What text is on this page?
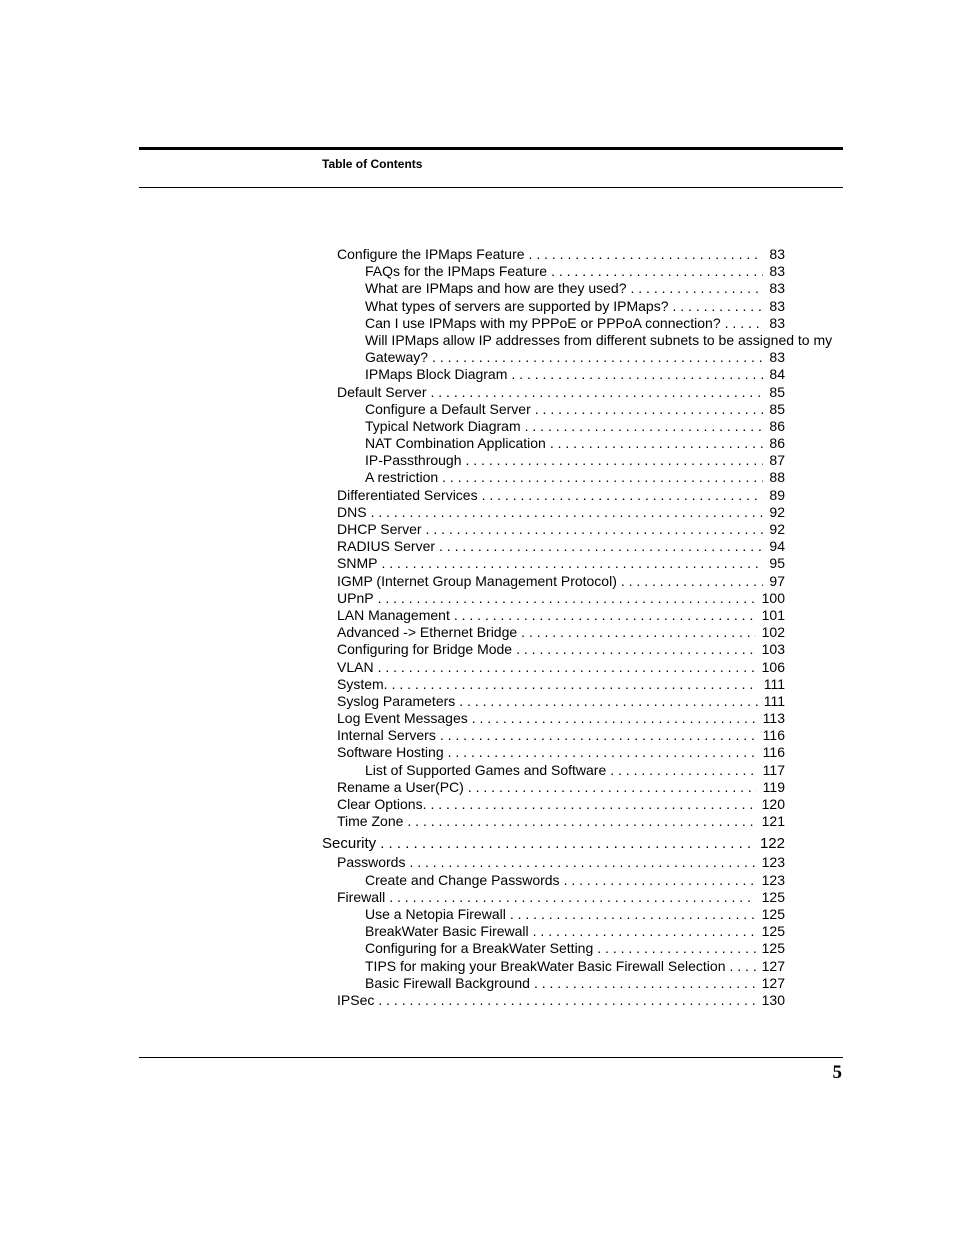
Table of Contents
Configure the IPMaps Feature . . .	83
FAQs for the IPMaps Feature . . .	83
What are IPMaps and how are they used? . . .	83
What types of servers are supported by IPMaps? . . .	83
Can I use IPMaps with my PPPoE or PPPoA connection? . . .	83
Will IPMaps allow IP addresses from different subnets to be assigned to my
Gateway? . . .	83
IPMaps Block Diagram . . .	84
Default Server . . .	85
Configure a Default Server . . .	85
Typical Network Diagram . . .	86
NAT Combination Application . . .	86
IP-Passthrough . . .	87
A restriction . . .	88
Differentiated Services . . .	89
DNS . . .	92
DHCP Server . . .	92
RADIUS Server . . .	94
SNMP . . .	95
IGMP (Internet Group Management Protocol) . . .	97
UPnP . . .	100
LAN Management . . .	101
Advanced -> Ethernet Bridge . . .	102
Configuring for Bridge Mode . . .	103
VLAN . . .	106
System. . . .	111
Syslog Parameters . . .	111
Log Event Messages . . .	113
Internal Servers . . .	116
Software Hosting . . .	116
List of Supported Games and Software . . .	117
Rename a User(PC) . . .	119
Clear Options. . . .	120
Time Zone . . .	121
Security . . .	122
Passwords . . .	123
Create and Change Passwords . . .	123
Firewall . . .	125
Use a Netopia Firewall . . .	125
BreakWater Basic Firewall . . .	125
Configuring for a BreakWater Setting . . .	125
TIPS for making your BreakWater Basic Firewall Selection . . .	127
Basic Firewall Background . . .	127
IPSec . . .	130
5
